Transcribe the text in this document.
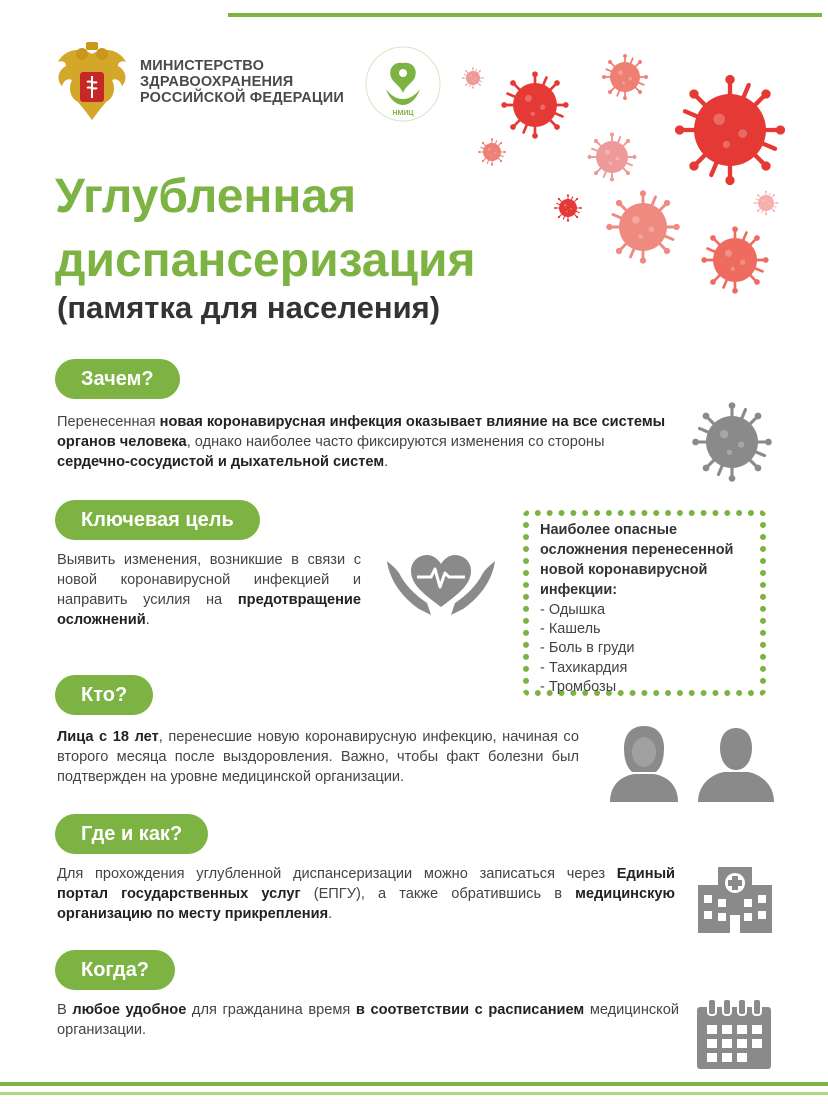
МИНИСТЕРСТВО
ЗДРАВООХРАНЕНИЯ
РОССИЙСКОЙ ФЕДЕРАЦИИ
НМИЦ
Углубленная
диспансеризация
(памятка для населения)
Зачем?
Перенесенная новая коронавирусная инфекция оказывает влияние на все системы органов человека, однако наиболее часто фиксируются изменения со стороны сердечно-сосудистой и дыхательной систем.
Ключевая цель
Выявить изменения, возникшие в связи с новой коронавирусной инфекцией и направить усилия на предотвращение осложнений.
Наиболее опасные осложнения перенесенной новой коронавирусной инфекции:
- Одышка
- Кашель
- Боль в груди
- Тахикардия
- Тромбозы
Кто?
Лица с 18 лет, перенесшие новую коронавирусную инфекцию, начиная со второго месяца после выздоровления. Важно, чтобы факт болезни был подтвержден на уровне медицинской организации.
Где и как?
Для прохождения углубленной диспансеризации можно записаться через Единый портал государственных услуг (ЕПГУ), а также обратившись в медицинскую организацию по месту прикрепления.
Когда?
В любое удобное для гражданина время в соответствии с расписанием медицинской организации.
